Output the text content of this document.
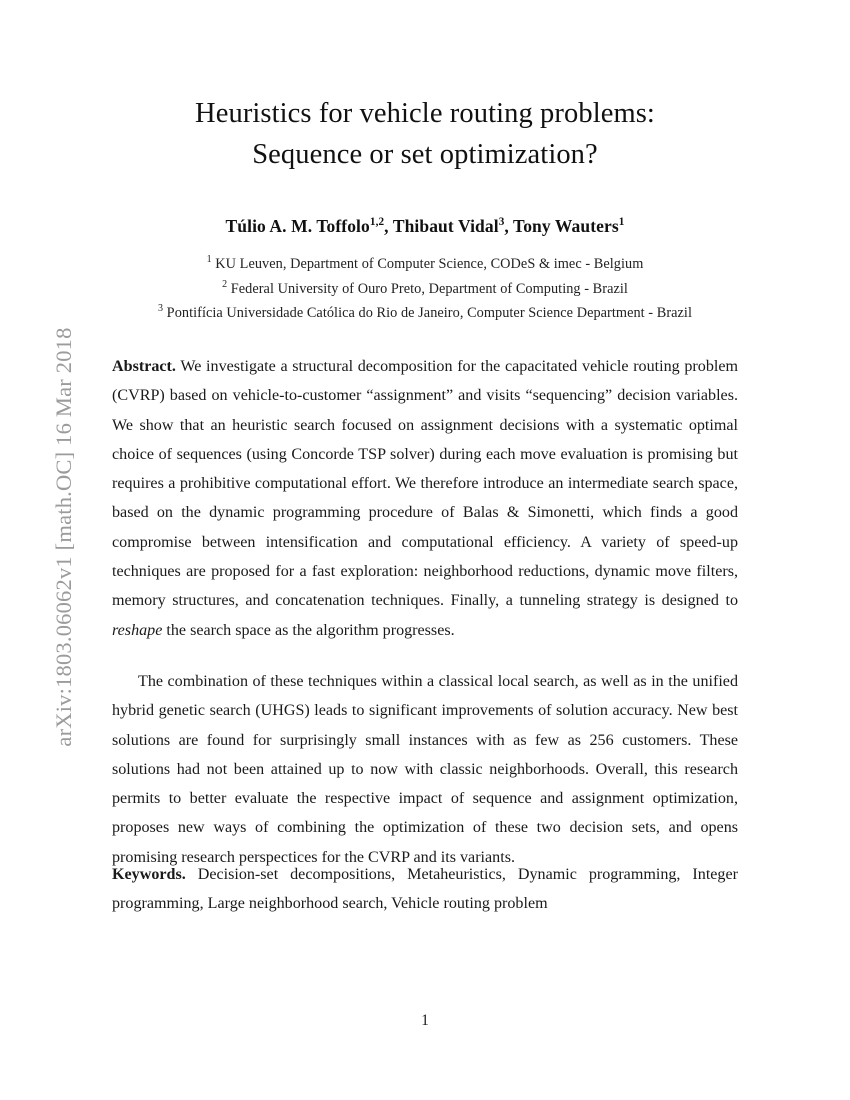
arXiv:1803.06062v1 [math.OC] 16 Mar 2018
Heuristics for vehicle routing problems:
Sequence or set optimization?
Túlio A. M. Toffolo$^{1,2}$, Thibaut Vidal$^3$, Tony Wauters$^1$
$^1$ KU Leuven, Department of Computer Science, CODeS & imec - Belgium
$^2$ Federal University of Ouro Preto, Department of Computing - Brazil
$^3$ Pontifícia Universidade Católica do Rio de Janeiro, Computer Science Department - Brazil

Abstract. We investigate a structural decomposition for the capacitated vehicle routing problem (CVRP) based on vehicle-to-customer “assignment” and visits “sequencing” decision variables. We show that an heuristic search focused on assignment decisions with a systematic optimal choice of sequences (using Concorde TSP solver) during each move evaluation is promising but requires a prohibitive computational effort. We therefore introduce an intermediate search space, based on the dynamic programming procedure of Balas & Simonetti, which finds a good compromise between intensification and computational efficiency. A variety of speed-up techniques are proposed for a fast exploration: neighborhood reductions, dynamic move filters, memory structures, and concatenation techniques. Finally, a tunneling strategy is designed to reshape the search space as the algorithm progresses.

The combination of these techniques within a classical local search, as well as in the unified hybrid genetic search (UHGS) leads to significant improvements of solution accuracy. New best solutions are found for surprisingly small instances with as few as 256 customers. These solutions had not been attained up to now with classic neighborhoods. Overall, this research permits to better evaluate the respective impact of sequence and assignment optimization, proposes new ways of combining the optimization of these two decision sets, and opens promising research perspectices for the CVRP and its variants.

Keywords. Decision-set decompositions, Metaheuristics, Dynamic programming, Integer programming, Large neighborhood search, Vehicle routing problem
1
